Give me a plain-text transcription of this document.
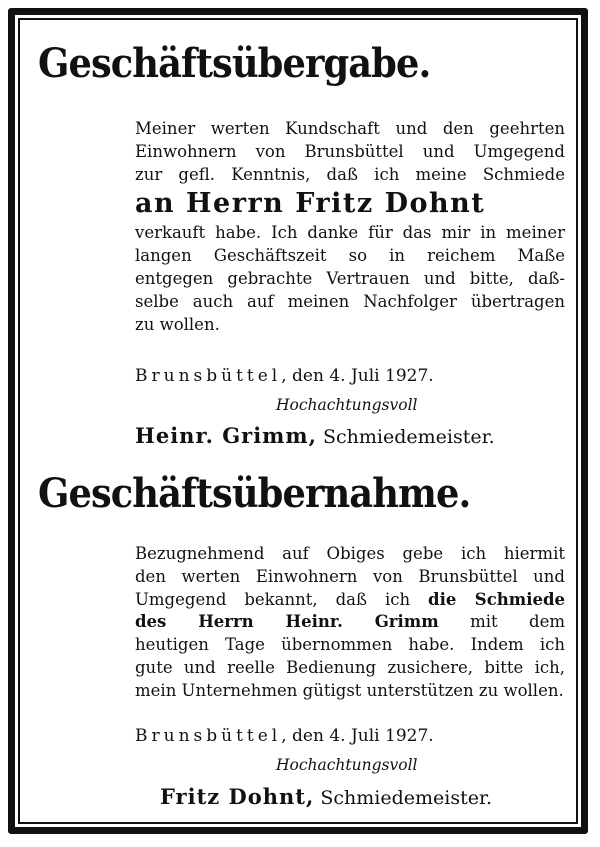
Geschäftsübergabe.
Meiner werten Kundschaft und den geehrten
Einwohnern von Brunsbüttel und Umgegend
zur gefl. Kenntnis, daß ich meine Schmiede
an Herrn Fritz Dohnt
verkauft habe. Ich danke für das mir in meiner
langen Geschäftszeit so in reichem Maße
entgegen gebrachte Vertrauen und bitte, daß-
selbe auch auf meinen Nachfolger übertragen
zu wollen.
Brunsbüttel, den 4. Juli 1927.
Hochachtungsvoll
Heinr. Grimm, Schmiedemeister.
Geschäftsübernahme.
Bezugnehmend auf Obiges gebe ich hiermit
den werten Einwohnern von Brunsbüttel und
Umgegend bekannt, daß ich die Schmiede
des Herrn Heinr. Grimm mit dem
heutigen Tage übernommen habe. Indem ich
gute und reelle Bedienung zusichere, bitte ich,
mein Unternehmen gütigst unterstützen zu wollen.
Brunsbüttel, den 4. Juli 1927.
Hochachtungsvoll
Fritz Dohnt, Schmiedemeister.
